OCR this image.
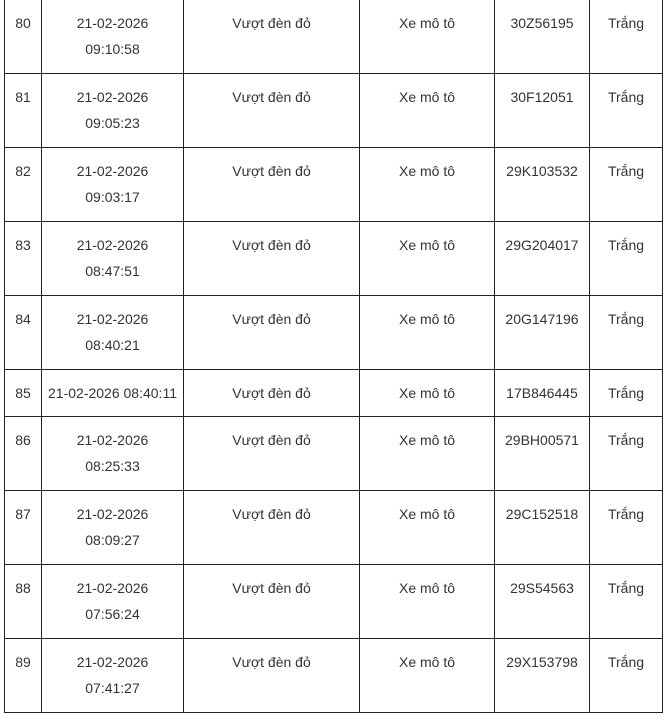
80	21-02-2026 09:10:58	Vượt đèn đỏ	Xe mô tô	30Z56195	Trắng

81	21-02-2026 09:05:23	Vượt đèn đỏ	Xe mô tô	30F12051	Trắng

82	21-02-2026 09:03:17	Vượt đèn đỏ	Xe mô tô	29K103532	Trắng

83	21-02-2026 08:47:51	Vượt đèn đỏ	Xe mô tô	29G204017	Trắng

84	21-02-2026 08:40:21	Vượt đèn đỏ	Xe mô tô	20G147196	Trắng

85	21-02-2026 08:40:11	Vượt đèn đỏ	Xe mô tô	17B846445	Trắng

86	21-02-2026 08:25:33	Vượt đèn đỏ	Xe mô tô	29BH00571	Trắng

87	21-02-2026 08:09:27	Vượt đèn đỏ	Xe mô tô	29C152518	Trắng

88	21-02-2026 07:56:24	Vượt đèn đỏ	Xe mô tô	29S54563	Trắng

89	21-02-2026 07:41:27	Vượt đèn đỏ	Xe mô tô	29X153798	Trắng
